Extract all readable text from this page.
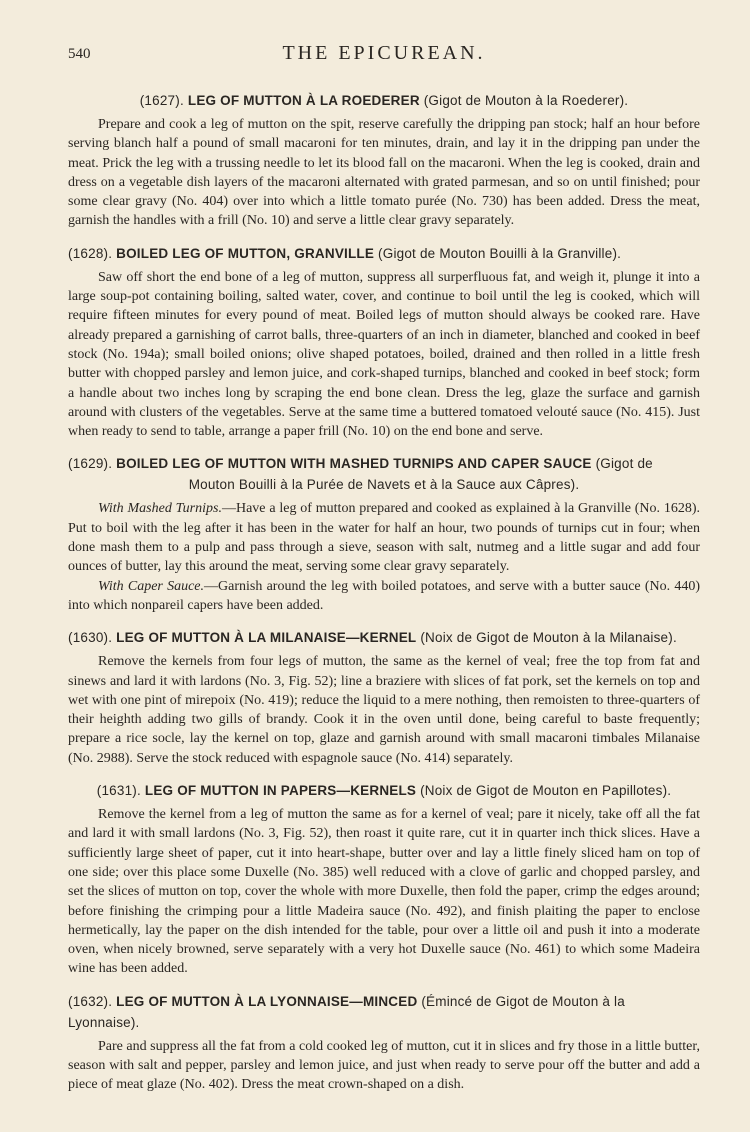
540	THE EPICUREAN.
(1627). LEG OF MUTTON À LA ROEDERER (Gigot de Mouton à la Roederer).

Prepare and cook a leg of mutton on the spit, reserve carefully the dripping pan stock; half an hour before serving blanch half a pound of small macaroni for ten minutes, drain, and lay it in the dripping pan under the meat. Prick the leg with a trussing needle to let its blood fall on the macaroni. When the leg is cooked, drain and dress on a vegetable dish layers of the macaroni alternated with grated parmesan, and so on until finished; pour some clear gravy (No. 404) over into which a little tomato purée (No. 730) has been added. Dress the meat, garnish the handles with a frill (No. 10) and serve a little clear gravy separately.

(1628). BOILED LEG OF MUTTON, GRANVILLE (Gigot de Mouton Bouilli à la Granville).

Saw off short the end bone of a leg of mutton, suppress all surperfluous fat, and weigh it, plunge it into a large soup-pot containing boiling, salted water, cover, and continue to boil until the leg is cooked, which will require fifteen minutes for every pound of meat. Boiled legs of mutton should always be cooked rare. Have already prepared a garnishing of carrot balls, three-quarters of an inch in diameter, blanched and cooked in beef stock (No. 194a); small boiled onions; olive shaped potatoes, boiled, drained and then rolled in a little fresh butter with chopped parsley and lemon juice, and cork-shaped turnips, blanched and cooked in beef stock; form a handle about two inches long by scraping the end bone clean. Dress the leg, glaze the surface and garnish around with clusters of the vegetables. Serve at the same time a buttered tomatoed velouté sauce (No. 415). Just when ready to send to table, arrange a paper frill (No. 10) on the end bone and serve.

(1629). BOILED LEG OF MUTTON WITH MASHED TURNIPS AND CAPER SAUCE (Gigot de
Mouton Bouilli à la Purée de Navets et à la Sauce aux Câpres).

With Mashed Turnips.—Have a leg of mutton prepared and cooked as explained à la Granville (No. 1628). Put to boil with the leg after it has been in the water for half an hour, two pounds of turnips cut in four; when done mash them to a pulp and pass through a sieve, season with salt, nutmeg and a little sugar and add four ounces of butter, lay this around the meat, serving some clear gravy separately.

With Caper Sauce.—Garnish around the leg with boiled potatoes, and serve with a butter sauce (No. 440) into which nonpareil capers have been added.

(1630). LEG OF MUTTON À LA MILANAISE—KERNEL (Noix de Gigot de Mouton à la Milanaise).

Remove the kernels from four legs of mutton, the same as the kernel of veal; free the top from fat and sinews and lard it with lardons (No. 3, Fig. 52); line a braziere with slices of fat pork, set the kernels on top and wet with one pint of mirepoix (No. 419); reduce the liquid to a mere nothing, then remoisten to three-quarters of their heighth adding two gills of brandy. Cook it in the oven until done, being careful to baste frequently; prepare a rice socle, lay the kernel on top, glaze and garnish around with small macaroni timbales Milanaise (No. 2988). Serve the stock reduced with espagnole sauce (No. 414) separately.

(1631). LEG OF MUTTON IN PAPERS—KERNELS (Noix de Gigot de Mouton en Papillotes).

Remove the kernel from a leg of mutton the same as for a kernel of veal; pare it nicely, take off all the fat and lard it with small lardons (No. 3, Fig. 52), then roast it quite rare, cut it in quarter inch thick slices. Have a sufficiently large sheet of paper, cut it into heart-shape, butter over and lay a little finely sliced ham on top of one side; over this place some Duxelle (No. 385) well reduced with a clove of garlic and chopped parsley, and set the slices of mutton on top, cover the whole with more Duxelle, then fold the paper, crimp the edges around; before finishing the crimping pour a little Madeira sauce (No. 492), and finish plaiting the paper to enclose hermetically, lay the paper on the dish intended for the table, pour over a little oil and push it into a moderate oven, when nicely browned, serve separately with a very hot Duxelle sauce (No. 461) to which some Madeira wine has been added.

(1632). LEG OF MUTTON À LA LYONNAISE—MINCED (Émincé de Gigot de Mouton à la Lyonnaise).

Pare and suppress all the fat from a cold cooked leg of mutton, cut it in slices and fry those in a little butter, season with salt and pepper, parsley and lemon juice, and just when ready to serve pour off the butter and add a piece of meat glaze (No. 402). Dress the meat crown-shaped on a dish.
